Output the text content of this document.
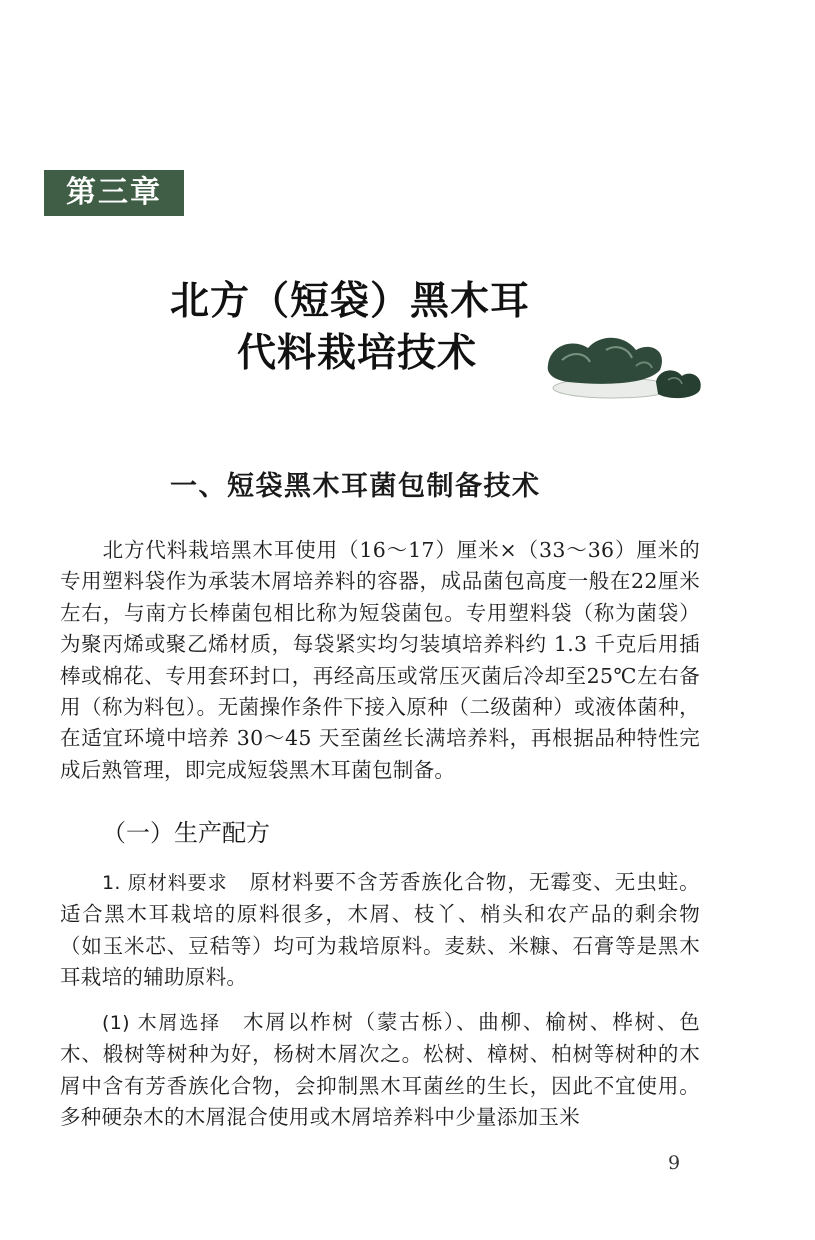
第三章
北方（短袋）黑木耳
代料栽培技术
一、短袋黑木耳菌包制备技术

北方代料栽培黑木耳使用（16～17）厘米×（33～36）厘米的专用塑料袋作为承装木屑培养料的容器，成品菌包高度一般在22厘米左右，与南方长棒菌包相比称为短袋菌包。专用塑料袋（称为菌袋）为聚丙烯或聚乙烯材质，每袋紧实均匀装填培养料约 1.3 千克后用插棒或棉花、专用套环封口，再经高压或常压灭菌后冷却至25℃左右备用（称为料包）。无菌操作条件下接入原种（二级菌种）或液体菌种，在适宜环境中培养 30～45 天至菌丝长满培养料，再根据品种特性完成后熟管理，即完成短袋黑木耳菌包制备。

（一）生产配方

1. 原材料要求 原材料要不含芳香族化合物，无霉变、无虫蛀。适合黑木耳栽培的原料很多，木屑、枝丫、梢头和农产品的剩余物（如玉米芯、豆秸等）均可为栽培原料。麦麸、米糠、石膏等是黑木耳栽培的辅助原料。

(1) 木屑选择 木屑以柞树（蒙古栎）、曲柳、榆树、桦树、色木、椴树等树种为好，杨树木屑次之。松树、樟树、柏树等树种的木屑中含有芳香族化合物，会抑制黑木耳菌丝的生长，因此不宜使用。多种硬杂木的木屑混合使用或木屑培养料中少量添加玉米

9
